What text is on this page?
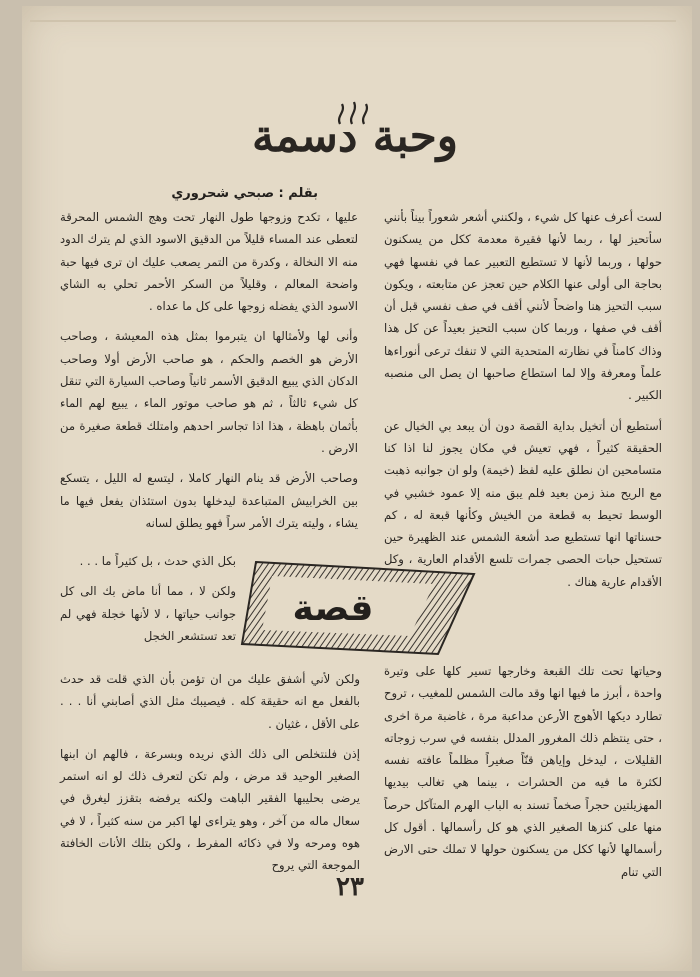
وحبة دسمة
بقلم : صبحي شحروري

لست أعرف عنها كل شيء ، ولكنني أشعر شعوراً بيناً بأنني سأتحيز لها ، ربما لأنها فقيرة معدمة ككل من يسكنون حولها ، وربما لأنها لا تستطيع التعبير عما في نفسها فهي بحاجة الى أولى عنها الكلام حين تعجز عن متابعته ، ويكون سبب التحيز هنا واضحاً لأنني أقف في صف نفسي قبل أن أقف في صفها ، وربما كان سبب التحيز بعيداً عن كل هذا وذاك كامناً في نظارته المتحدية التي لا تنفك ترعى أنوراءها علماً ومعرفة وإلا لما استطاع صاحبها ان يصل الى منصبه الكبير .

أستطيع أن أتخيل بداية القصة دون أن يبعد بي الخيال عن الحقيقة كثيراً ، فهي تعيش في مكان يجوز لنا اذا كنا متسامحين ان نطلق عليه لفظ (خيمة) ولو ان جوانبه ذهبت مع الريح منذ زمن بعيد فلم يبق منه إلا عمود خشبي في الوسط تحيط به قطعة من الخيش وكأنها قبعة له ، كم حسناتها انها تستطيع صد أشعة الشمس عند الظهيرة حين تستحيل حبات الحصى جمرات تلسع الأقدام العارية ، وكل الأقدام عارية هناك .

عليها ، تكدح وزوجها طول النهار تحت وهج الشمس المحرقة لتعطى عند المساء قليلاً من الدقيق الاسود الذي لم يترك الدود منه الا النخالة ، وكدرة من التمر يصعب عليك ان ترى فيها حبة واضحة المعالم ، وقليلاً من السكر الأحمر تحلي به الشاي الاسود الذي يفضله زوجها على كل ما عداه .

وأنى لها ولأمثالها ان يتبرموا بمثل هذه المعيشة ، وصاحب الأرض هو الخصم والحكم ، هو صاحب الأرض أولا وصاحب الدكان الذي يبيع الدقيق الأسمر ثانياً وصاحب السيارة التي تنقل كل شيء ثالثاً ، ثم هو صاحب موتور الماء ، يبيع لهم الماء بأثمان باهظة ، هذا اذا تجاسر احدهم وامتلك قطعة صغيرة من الارض .

وصاحب الأرض قد ينام النهار كاملا ، ليتسع له الليل ، يتسكع بين الخرابيش المتباعدة ليدخلها بدون استئذان يفعل فيها ما يشاء ، وليته يترك الأمر سراً فهو يطلق لسانه

قصة

بكل الذي حدث ، بل كثيراً ما . . .

ولكن لا ، مما أنا ماض بك الى كل جوانب حياتها ، لا لأنها خجلة فهي لم تعد تستشعر الخجل

ولكن لأني أشفق عليك من ان تؤمن بأن الذي قلت قد حدث بالفعل مع انه حقيقة كله . فيصيبك مثل الذي أصابني أنا . . . على الأقل ، غثيان .

إذن فلنتخلص الى ذلك الذي نريده وبسرعة ، فالهم ان ابنها الصغير الوحيد قد مرض ، ولم تكن لتعرف ذلك لو انه استمر يرضى بحليبها الفقير الباهت ولكنه يرفضه بتقزز ليغرق في سعال ماله من آخر ، وهو يتراءى لها اكبر من سنه كثيراً ، لا في هوه ومرحه ولا في ذكائه المفرط ، ولكن بتلك الأنات الخافتة الموجعة التي يروح

وحياتها تحت تلك القبعة وخارجها تسير كلها على وتيرة واحدة ، أبرز ما فيها انها وقد مالت الشمس للمغيب ، تروح تطارد ديكها الأهوج الأرعن مداعبة مرة ، غاضبة مرة اخرى ، حتى ينتظم ذلك المغرور المدلل بنفسه في سرب زوجاته القليلات ، ليدخل وإياهن قنّاً صغيراً مظلماً عافته نفسه لكثرة ما فيه من الحشرات ، بينما هي تغالب بيديها المهزيلتين حجراً صخماً تسند به الباب الهرم المتآكل حرصاً منها على كنزها الصغير الذي هو كل رأسمالها . أقول كل رأسمالها لأنها ككل من يسكنون حولها لا تملك حتى الارض التي تنام

٢٣
